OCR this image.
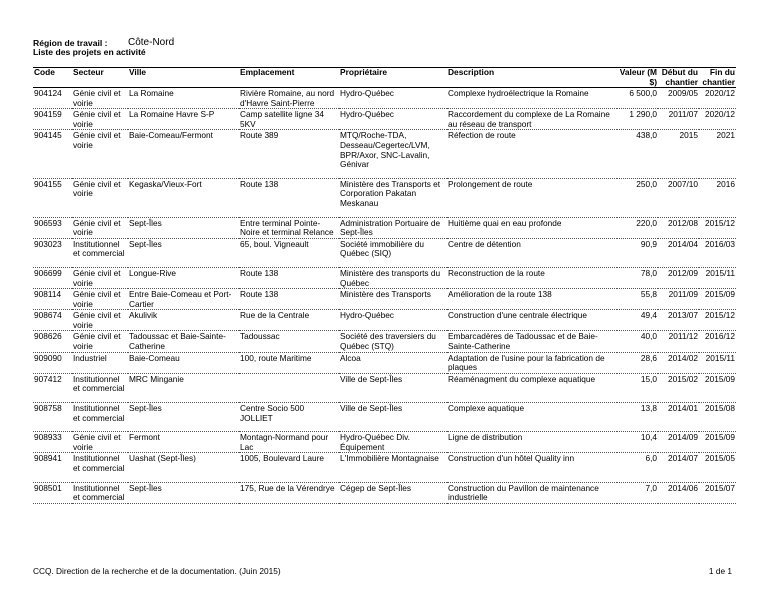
Région de travail : Côte-Nord
Liste des projets en activité
Code	Secteur	Ville	Emplacement	Propriétaire	Description	Valeur (M $)	Début du chantier	Fin du chantier
904124	Génie civil et voirie	La Romaine	Rivière Romaine, au nord d'Havre Saint-Pierre	Hydro-Québec	Complexe hydroélectrique la Romaine	6 500,0	2009/05	2020/12
904159	Génie civil et voirie	La Romaine Havre S-P	Camp satellite ligne 34 5KV	Hydro-Québec	Raccordement du complexe de La Romaine au réseau de transport	1 290,0	2011/07	2020/12
904145	Génie civil et voirie	Baie-Comeau/Fermont	Route 389	MTQ/Roche-TDA, Desseau/Cegertec/LVM, BPR/Axor, SNC-Lavalin, Génivar	Réfection de route	438,0	2015	2021
904155	Génie civil et voirie	Kegaska/Vieux-Fort	Route 138	Ministère des Transports et Corporation Pakatan Meskanau	Prolongement de route	250,0	2007/10	2016
906593	Génie civil et voirie	Sept-Îles	Entre terminal Pointe-Noire et terminal Relance	Administration Portuaire de Sept-Îles	Huitième quai en eau profonde	220,0	2012/08	2015/12
903023	Institutionnel et commercial	Sept-Îles	65, boul. Vigneault	Société immobilière du Québec (SIQ)	Centre de détention	90,9	2014/04	2016/03
906699	Génie civil et voirie	Longue-Rive	Route 138	Ministère des transports du Québec	Reconstruction de la route	78,0	2012/09	2015/11
908114	Génie civil et voirie	Entre Baie-Comeau et Port-Cartier	Route 138	Ministère des Transports	Amélioration de la route 138	55,8	2011/09	2015/09
908674	Génie civil et voirie	Akulivik	Rue de la Centrale	Hydro-Québec	Construction d'une centrale électrique	49,4	2013/07	2015/12
908626	Génie civil et voirie	Tadoussac et Baie-Sainte-Catherine	Tadoussac	Société des traversiers du Québec (STQ)	Embarcadères de Tadoussac et de Baie-Sainte-Catherine	40,0	2011/12	2016/12
909090	Industriel	Baie-Comeau	100, route Maritime	Alcoa	Adaptation de l'usine pour la fabrication de plaques	28,6	2014/02	2015/11
907412	Institutionnel et commercial	MRC Minganie		Ville de Sept-Îles	Réaménagment du complexe aquatique	15,0	2015/02	2015/09
908758	Institutionnel et commercial	Sept-Îles	Centre Socio 500 JOLLIET	Ville de Sept-Îles	Complexe aquatique	13,8	2014/01	2015/08
908933	Génie civil et voirie	Fermont	Montagn-Normand pour Lac	Hydro-Québec Div. Équipement	Ligne de distribution	10,4	2014/09	2015/09
908941	Institutionnel et commercial	Uashat (Sept-Îles)	1005, Boulevard Laure	L'Immobilière Montagnaise	Construction d'un hôtel Quality inn	6,0	2014/07	2015/05
908501	Institutionnel et commercial	Sept-Îles	175, Rue de la Vérendrye	Cégep de Sept-Îles	Construction du Pavillon de maintenance industrielle	7,0	2014/06	2015/07
CCQ. Direction de la recherche et de la documentation. (Juin 2015)	1 de 1
